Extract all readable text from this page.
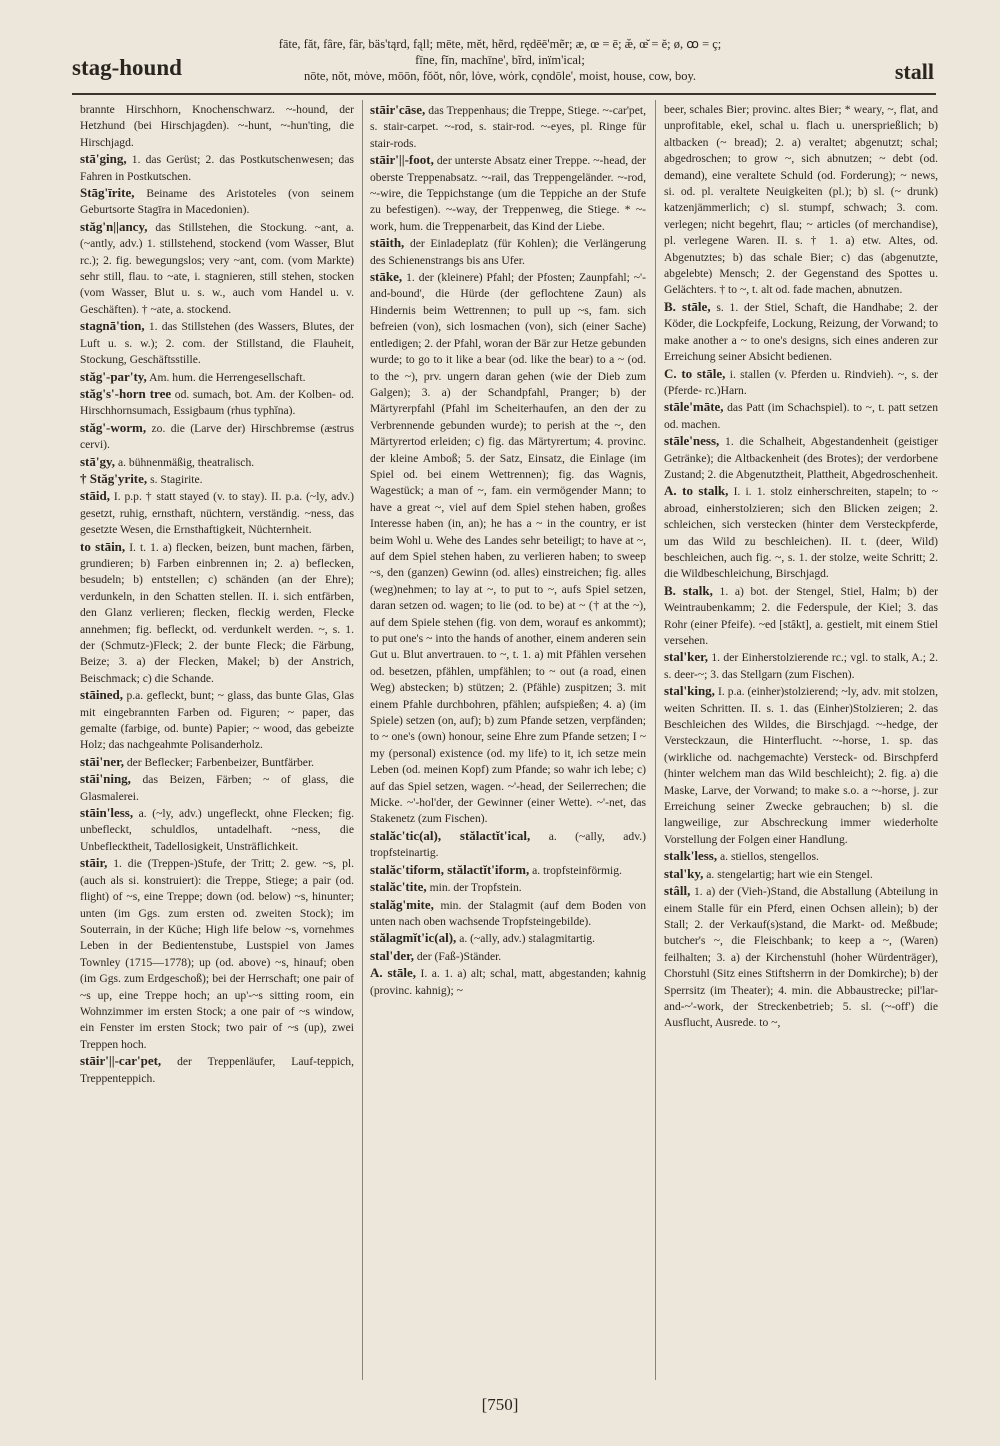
stag-hound
fāte, făt, fâre, fär, bäs'tąrd, fąll; mēte, mĕt, hẽrd, rędēē'mẽr; æ, œ = ē; æ̆, œ̆ = ĕ; ø, ꝏ = ç;
fīne, fĭn, machīne', bĩrd, inïm'ical;
nōte, nŏt, mȯve, mōōn, fŏŏt, nôr, lȯve, wȯrk, cǫndōle', moist, house, cow, boy.	stall

brannte Hirschhorn, Knochenschwarz. ~-hound, der Hetzhund (bei Hirschjagden). ~-hunt, ~-hun'ting, die Hirschjagd.

stā'ging, 1. das Gerüst; 2. das Postkutschenwesen; das Fahren in Postkutschen.

Stāg'īrite, Beiname des Aristoteles (von seinem Geburtsorte Stagīra in Macedonien).

stăg'n||ancy, das Stillstehen, die Stockung. ~ant, a. (~antly, adv.) 1. stillstehend, stockend (vom Wasser, Blut rc.); 2. fig. bewegungslos; very ~ant, com. (vom Markte) sehr still, flau. to ~ate, i. stagnieren, still stehen, stocken (vom Wasser, Blut u. s. w., auch vom Handel u. v. Geschäften). † ~ate, a. stockend.

stagnā'tion, 1. das Stillstehen (des Wassers, Blutes, der Luft u. s. w.); 2. com. der Stillstand, die Flauheit, Stockung, Geschäftsstille.

stăg'-par'ty, Am. hum. die Herrengesellschaft.

stăg's'-horn tree od. sumach, bot. Am. der Kolben- od. Hirschhornsumach, Essigbaum (rhus typhĭna).

stăg'-worm, zo. die (Larve der) Hirschbremse (æstrus cervi).

stā'gy, a. bühnenmäßig, theatralisch.

† Stăg'yrite, s. Stagirite.

stāid, I. p.p. † statt stayed (v. to stay). II. p.a. (~ly, adv.) gesetzt, ruhig, ernsthaft, nüchtern, verständig. ~ness, das gesetzte Wesen, die Ernsthaftigkeit, Nüchternheit.

to stāin, I. t. 1. a) flecken, beizen, bunt machen, färben, grundieren; b) Farben einbrennen in; 2. a) beflecken, besudeln; b) entstellen; c) schänden (an der Ehre); verdunkeln, in den Schatten stellen. II. i. sich entfärben, den Glanz verlieren; flecken, fleckig werden, Flecke annehmen; fig. befleckt, od. verdunkelt werden. ~, s. 1. der (Schmutz-)Fleck; 2. der bunte Fleck; die Färbung, Beize; 3. a) der Flecken, Makel; b) der Anstrich, Beischmack; c) die Schande.

stāined, p.a. gefleckt, bunt; ~ glass, das bunte Glas, Glas mit eingebrannten Farben od. Figuren; ~ paper, das gemalte (farbige, od. bunte) Papier; ~ wood, das gebeizte Holz; das nachgeahmte Polisanderholz.

stāi'ner, der Beflecker; Farbenbeizer, Buntfärber.

stāi'ning, das Beizen, Färben; ~ of glass, die Glasmalerei.

stāin'less, a. (~ly, adv.) ungefleckt, ohne Flecken; fig. unbefleckt, schuldlos, untadelhaft. ~ness, die Unbeflecktheit, Tadellosigkeit, Unsträflichkeit.

stāir, 1. die (Treppen-)Stufe, der Tritt; 2. gew. ~s, pl. (auch als si. konstruiert): die Treppe, Stiege; a pair (od. flight) of ~s, eine Treppe; down (od. below) ~s, hinunter; unten (im Ggs. zum ersten od. zweiten Stock); im Souterrain, in der Küche; High life below ~s, vornehmes Leben in der Bedientenstube, Lustspiel von James Townley (1715—1778); up (od. above) ~s, hinauf; oben (im Ggs. zum Erdgeschoß); bei der Herrschaft; one pair of ~s up, eine Treppe hoch; an up'-~s sitting room, ein Wohnzimmer im ersten Stock; a one pair of ~s window, ein Fenster im ersten Stock; two pair of ~s (up), zwei Treppen hoch.

stāir'||-car'pet, der Treppenläufer, Lauf-teppich, Treppenteppich.

stāir'cāse, das Treppenhaus; die Treppe, Stiege. ~-car'pet, s. stair-carpet. ~-rod, s. stair-rod. ~-eyes, pl. Ringe für stair-rods.

stāir'||-foot, der unterste Absatz einer Treppe. ~-head, der oberste Treppenabsatz. ~-rail, das Treppengeländer. ~-rod, ~-wire, die Teppichstange (um die Teppiche an der Stufe zu befestigen). ~-way, der Treppenweg, die Stiege. * ~-work, hum. die Treppenarbeit, das Kind der Liebe.

stāith, der Einladeplatz (für Kohlen); die Verlängerung des Schienenstrangs bis ans Ufer.

stāke, 1. der (kleinere) Pfahl; der Pfosten; Zaunpfahl; ~'-and-bound', die Hürde (der geflochtene Zaun) als Hindernis beim Wettrennen; to pull up ~s, fam. sich befreien (von), sich losmachen (von), sich (einer Sache) entledigen; 2. der Pfahl, woran der Bär zur Hetze gebunden wurde; to go to it like a bear (od. like the bear) to a ~ (od. to the ~), prv. ungern daran gehen (wie der Dieb zum Galgen); 3. a) der Schandpfahl, Pranger; b) der Märtyrerpfahl (Pfahl im Scheiterhaufen, an den der zu Verbrennende gebunden wurde); to perish at the ~, den Märtyrertod erleiden; c) fig. das Märtyrertum; 4. provinc. der kleine Amboß; 5. der Satz, Einsatz, die Einlage (im Spiel od. bei einem Wettrennen); fig. das Wagnis, Wagestück; a man of ~, fam. ein vermögender Mann; to have a great ~, viel auf dem Spiel stehen haben, großes Interesse haben (in, an); he has a ~ in the country, er ist beim Wohl u. Wehe des Landes sehr beteiligt; to have at ~, auf dem Spiel stehen haben, zu verlieren haben; to sweep ~s, den (ganzen) Gewinn (od. alles) einstreichen; fig. alles (weg)nehmen; to lay at ~, to put to ~, aufs Spiel setzen, daran setzen od. wagen; to lie (od. to be) at ~ († at the ~), auf dem Spiele stehen (fig. von dem, worauf es ankommt); to put one's ~ into the hands of another, einem anderen sein Gut u. Blut anvertrauen. to ~, t. 1. a) mit Pfählen versehen od. besetzen, pfählen, umpfählen; to ~ out (a road, einen Weg) abstecken; b) stützen; 2. (Pfähle) zuspitzen; 3. mit einem Pfahle durchbohren, pfählen; aufspießen; 4. a) (im Spiele) setzen (on, auf); b) zum Pfande setzen, verpfänden; to ~ one's (own) honour, seine Ehre zum Pfande setzen; I ~ my (personal) existence (od. my life) to it, ich setze mein Leben (od. meinen Kopf) zum Pfande; so wahr ich lebe; c) auf das Spiel setzen, wagen. ~'-head, der Seilerrechen; die Micke. ~'-hol'der, der Gewinner (einer Wette). ~'-net, das Stakenetz (zum Fischen).

stalăc'tic(al), stălactĭt'ical, a. (~ally, adv.) tropfsteinartig.

stalăc'tiform, stălactĭt'iform, a. tropfsteinförmig.

stalăc'tite, min. der Tropfstein.

stalăg'mite, min. der Stalagmit (auf dem Boden von unten nach oben wachsende Tropfsteingebilde).

stălagmĭt'ic(al), a. (~ally, adv.) stalagmitartig.

stal'der, der (Faß-)Ständer.

A. stāle, I. a. 1. a) alt; schal, matt, abgestanden; kahnig (provinc. kahnig); ~

beer, schales Bier; provinc. altes Bier; * weary, ~, flat, and unprofitable, ekel, schal u. flach u. unersprießlich; b) altbacken (~ bread); 2. a) veraltet; abgenutzt; schal; abgedroschen; to grow ~, sich abnutzen; ~ debt (od. demand), eine veraltete Schuld (od. Forderung); ~ news, si. od. pl. veraltete Neuigkeiten (pl.); b) sl. (~ drunk) katzenjämmerlich; c) sl. stumpf, schwach; 3. com. verlegen; nicht begehrt, flau; ~ articles (of merchandise), pl. verlegene Waren. II. s. † 1. a) etw. Altes, od. Abgenutztes; b) das schale Bier; c) das (abgenutzte, abgelebte) Mensch; 2. der Gegenstand des Spottes u. Gelächters. † to ~, t. alt od. fade machen, abnutzen.

B. stāle, s. 1. der Stiel, Schaft, die Handhabe; 2. der Köder, die Lockpfeife, Lockung, Reizung, der Vorwand; to make another a ~ to one's designs, sich eines anderen zur Erreichung seiner Absicht bedienen.

C. to stāle, i. stallen (v. Pferden u. Rindvieh). ~, s. der (Pferde- rc.)Harn.

stāle'māte, das Patt (im Schachspiel). to ~, t. patt setzen od. machen.

stāle'ness, 1. die Schalheit, Abgestandenheit (geistiger Getränke); die Altbackenheit (des Brotes); der verdorbene Zustand; 2. die Abgenutztheit, Plattheit, Abgedroschenheit.

A. to stalk, I. i. 1. stolz einherschreiten, stapeln; to ~ abroad, einherstolzieren; sich den Blicken zeigen; 2. schleichen, sich verstecken (hinter dem Versteckpferde, um das Wild zu beschleichen). II. t. (deer, Wild) beschleichen, auch fig. ~, s. 1. der stolze, weite Schritt; 2. die Wildbeschleichung, Birschjagd.

B. stalk, 1. a) bot. der Stengel, Stiel, Halm; b) der Weintraubenkamm; 2. die Federspule, der Kiel; 3. das Rohr (einer Pfeife). ~ed [stâkt], a. gestielt, mit einem Stiel versehen.

stal'ker, 1. der Einherstolzierende rc.; vgl. to stalk, A.; 2. s. deer-~; 3. das Stellgarn (zum Fischen).

stal'king, I. p.a. (einher)stolzierend; ~ly, adv. mit stolzen, weiten Schritten. II. s. 1. das (Einher)Stolzieren; 2. das Beschleichen des Wildes, die Birschjagd. ~-hedge, der Versteckzaun, die Hinterflucht. ~-horse, 1. sp. das (wirkliche od. nachgemachte) Versteck- od. Birschpferd (hinter welchem man das Wild beschleicht); 2. fig. a) die Maske, Larve, der Vorwand; to make s.o. a ~-horse, j. zur Erreichung seiner Zwecke gebrauchen; b) sl. die langweilige, zur Abschreckung immer wiederholte Vorstellung der Folgen einer Handlung.

stalk'less, a. stiellos, stengellos.

stal'ky, a. stengelartig; hart wie ein Stengel.

stâll, 1. a) der (Vieh-)Stand, die Abstallung (Abteilung in einem Stalle für ein Pferd, einen Ochsen allein); b) der Stall; 2. der Verkauf(s)stand, die Markt- od. Meßbude; butcher's ~, die Fleischbank; to keep a ~, (Waren) feilhalten; 3. a) der Kirchenstuhl (hoher Würdenträger), Chorstuhl (Sitz eines Stiftsherrn in der Domkirche); b) der Sperrsitz (im Theater); 4. min. die Abbaustrecke; pil'lar-and-~'-work, der Streckenbetrieb; 5. sl. (~-off') die Ausflucht, Ausrede. to ~,

[750]
